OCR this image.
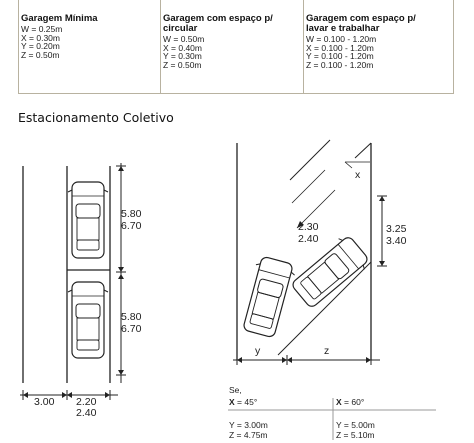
Garagem Mínima
W = 0.25m
X = 0.30m
Y = 0.20m
Z = 0.50m
Garagem com espaço p/ circular
W = 0.50m
X = 0.40m
Y = 0.30m
Z = 0.50m
Garagem com espaço p/ lavar e trabalhar
W = 0.100 - 1.20m
X = 0.100 - 1.20m
Y = 0.100 - 1.20m
Z = 0.100 - 1.20m
Estacionamento Coletivo
5.80
6.70
5.80
6.70
3.00 2.20
2.40
x
2.30
2.40
3.25
3.40
y	z
Se,
X = 45°	X = 60°
Y = 3.00m
Z = 4.75m
Y = 5.00m
Z = 5.10m
